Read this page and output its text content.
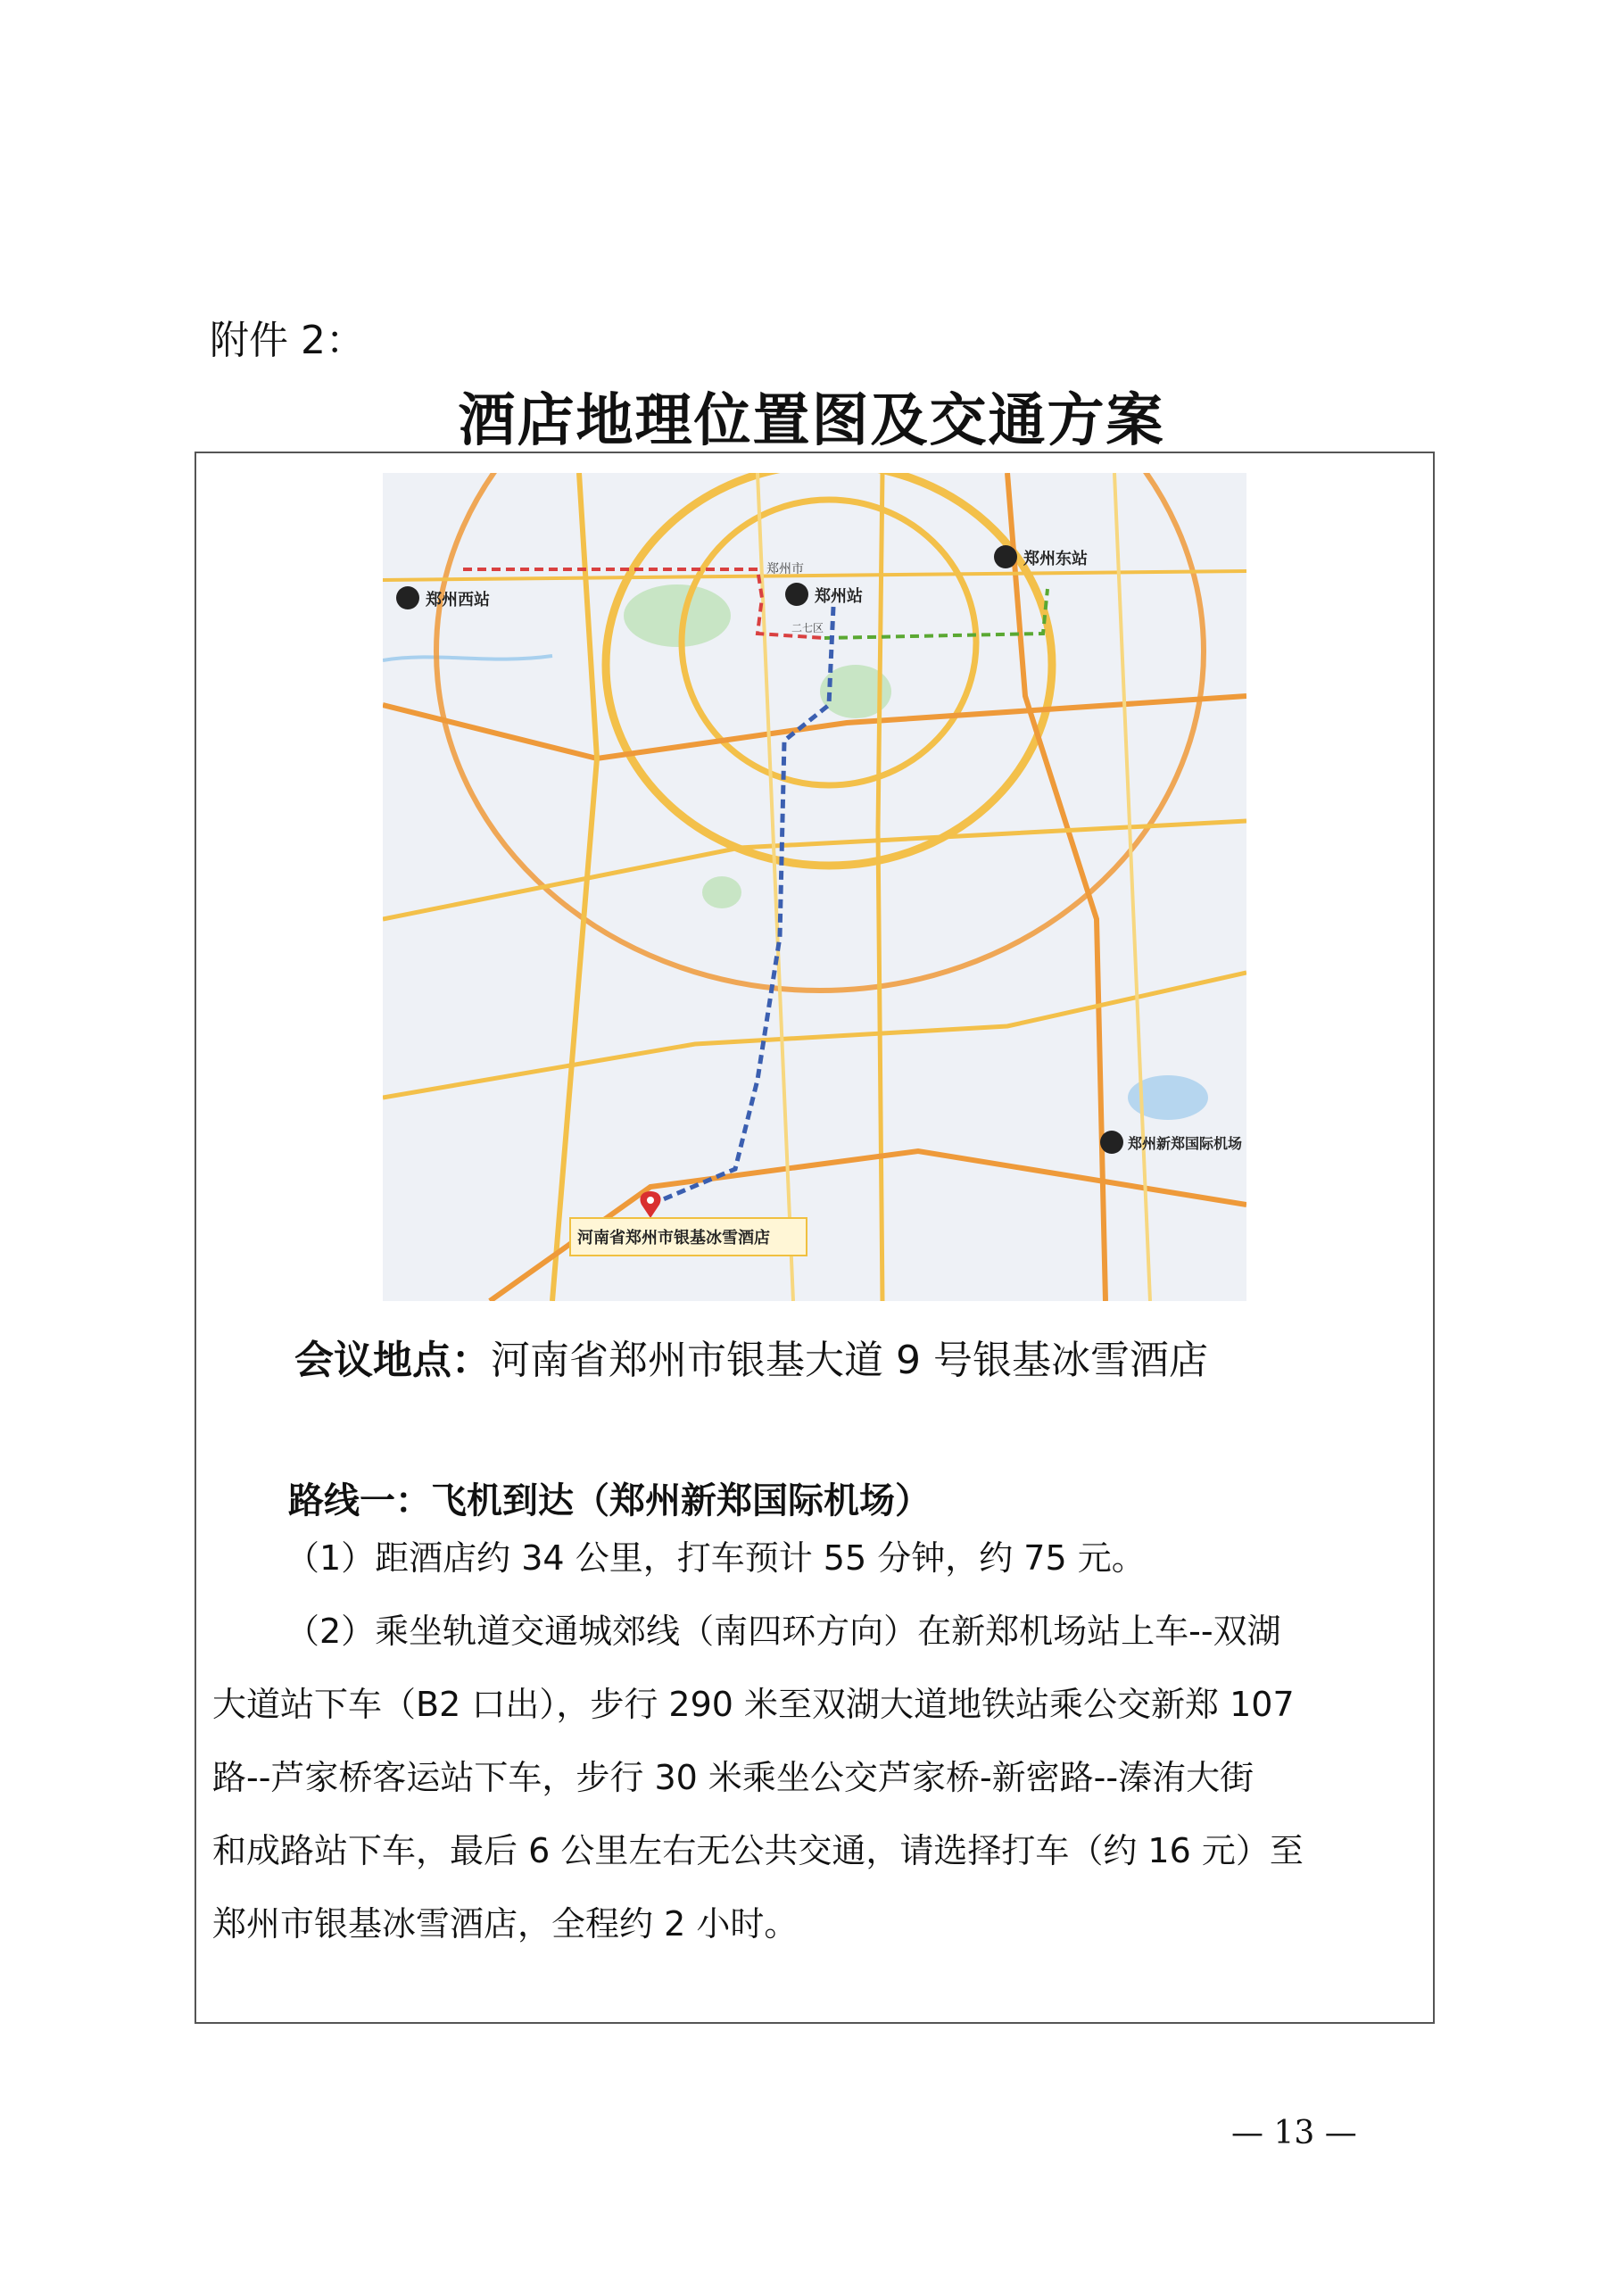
附件 2：
酒店地理位置图及交通方案
郑州西站	郑州站
郑州东站
郑州新郑国际机场
郑州市
二七区
河南省郑州市银基冰雪酒店
会议地点：河南省郑州市银基大道 9 号银基冰雪酒店
路线一：飞机到达（郑州新郑国际机场）
（1）距酒店约 34 公里，打车预计 55 分钟，约 75 元。
（2）乘坐轨道交通城郊线（南四环方向）在新郑机场站上车--双湖
大道站下车（B2 口出），步行 290 米至双湖大道地铁站乘公交新郑 107
路--芦家桥客运站下车，步行 30 米乘坐公交芦家桥-新密路--溱洧大街
和成路站下车，最后 6 公里左右无公共交通，请选择打车（约 16 元）至
郑州市银基冰雪酒店，全程约 2 小时。
— 13 —
